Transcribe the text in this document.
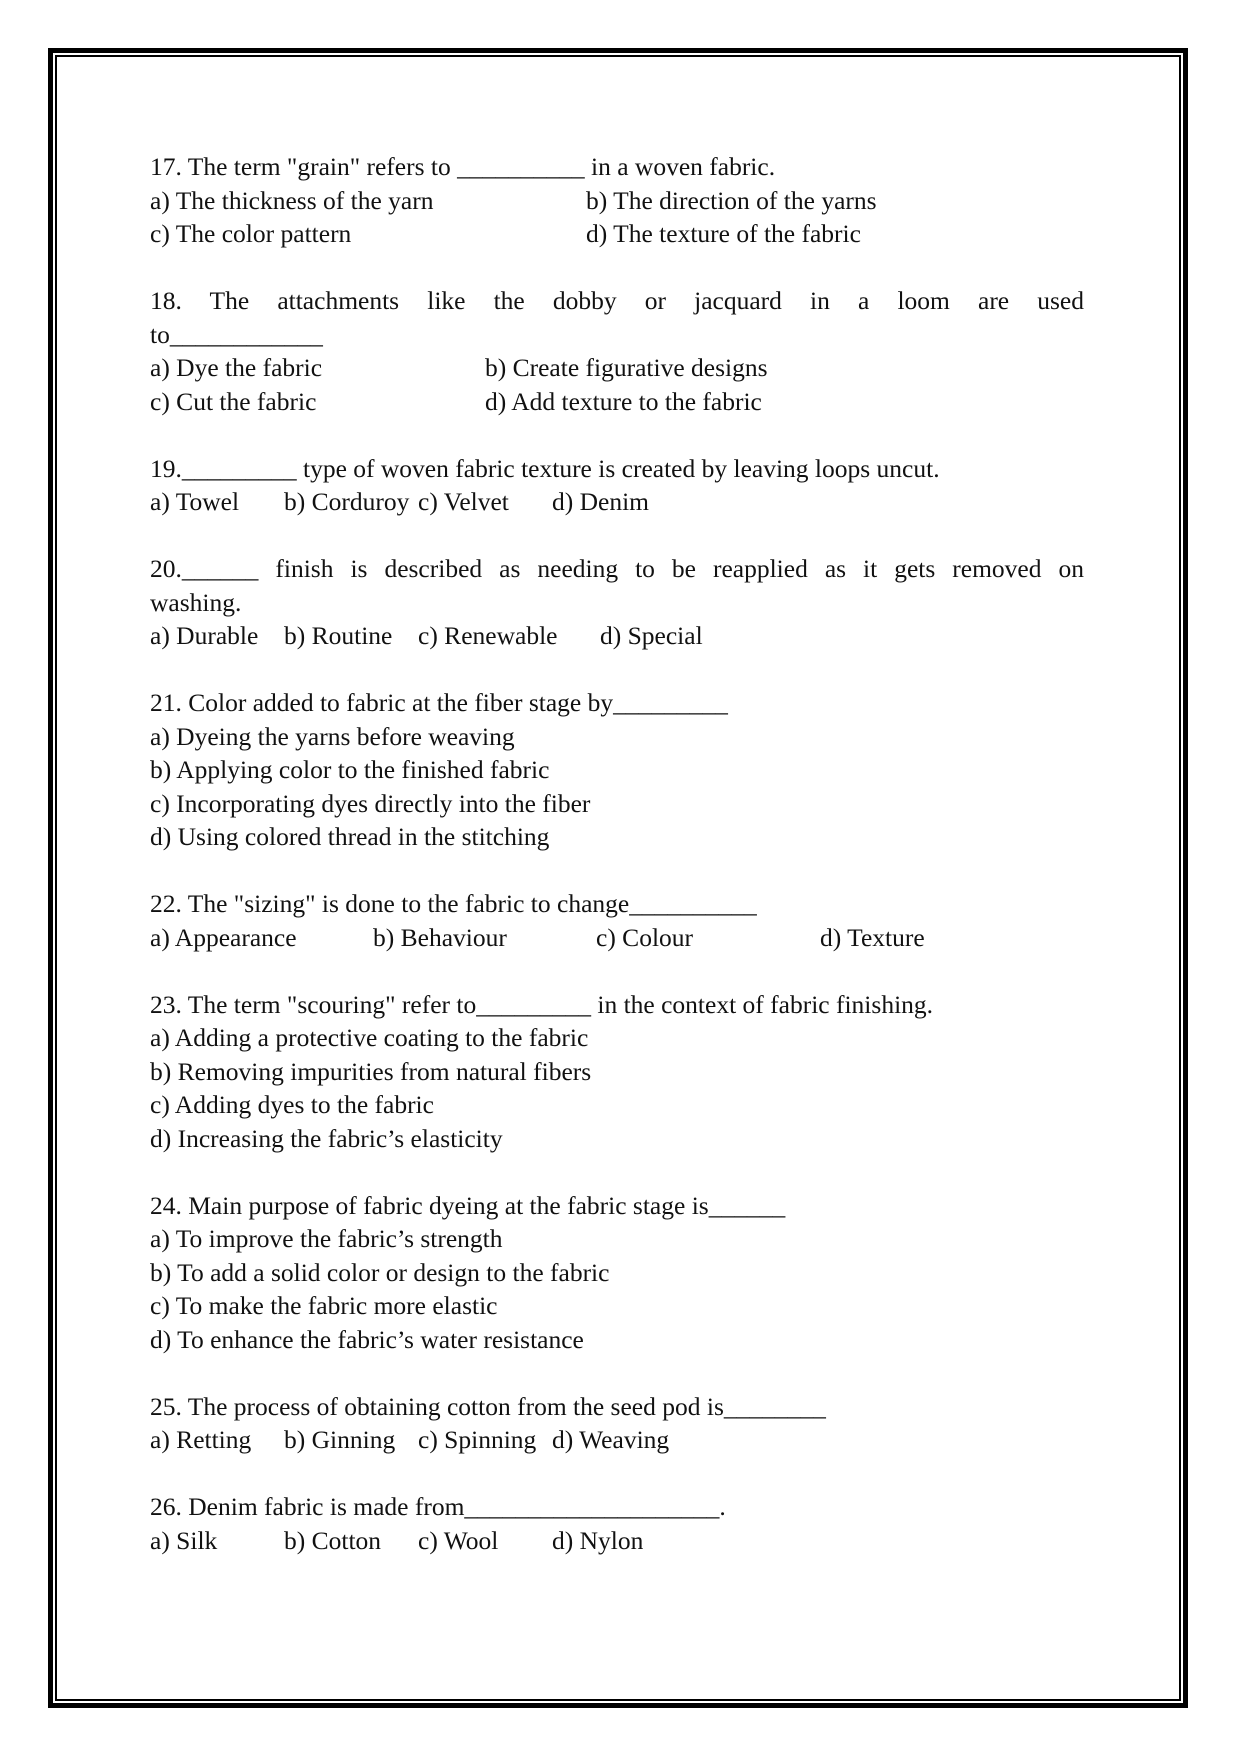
17. The term "grain" refers to __________ in a woven fabric.
a) The thickness of the yarn	b) The direction of the yarns
c) The color pattern	d) The texture of the fabric
18. The attachments like the dobby or jacquard in a loom are used
to____________
a) Dye the fabric	b) Create figurative designs
c) Cut the fabric	d) Add texture to the fabric
19._________ type of woven fabric texture is created by leaving loops uncut.
a) Towel	b) Corduroy c) Velvet	d) Denim
20.______ finish is described as needing to be reapplied as it gets removed on
washing.
a) Durable	b) Routine	c) Renewable	d) Special
21. Color added to fabric at the fiber stage by_________
a) Dyeing the yarns before weaving
b) Applying color to the finished fabric
c) Incorporating dyes directly into the fiber
d) Using colored thread in the stitching
22. The "sizing" is done to the fabric to change__________
a) Appearance	b) Behaviour	c) Colour	d) Texture
23. The term "scouring" refer to_________ in the context of fabric finishing.
a) Adding a protective coating to the fabric
b) Removing impurities from natural fibers
c) Adding dyes to the fabric
d) Increasing the fabric’s elasticity
24. Main purpose of fabric dyeing at the fabric stage is______
a) To improve the fabric’s strength
b) To add a solid color or design to the fabric
c) To make the fabric more elastic
d) To enhance the fabric’s water resistance
25. The process of obtaining cotton from the seed pod is________
a) Retting	b) Ginning c) Spinning d) Weaving
26. Denim fabric is made from____________________.
a) Silk	b) Cotton	c) Wool	d) Nylon
